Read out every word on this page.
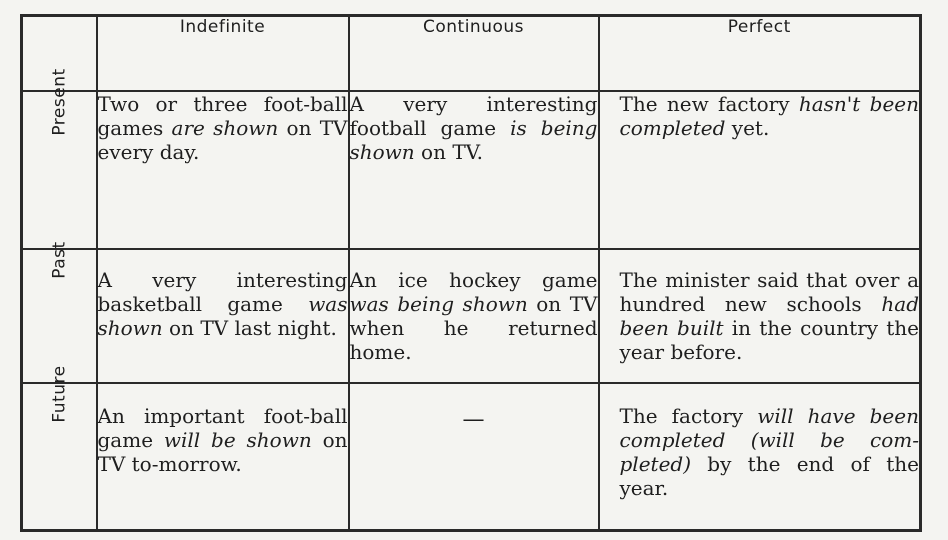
	Indefinite	Continuous	Perfect
Present	Two or three foot-ball games are shown on TV every day.	A very interesting football game is being shown on TV.	The new factory hasn't been completed yet.
Past	A very interesting basketball game was shown on TV last night.	An ice hockey game was being shown on TV when he returned home.	The minister said that over a hundred new schools had been built in the country the year before.
Future	An important foot-ball game will be shown on TV to-morrow.	—	The factory will have been completed (will be com-pleted) by the end of the year.
